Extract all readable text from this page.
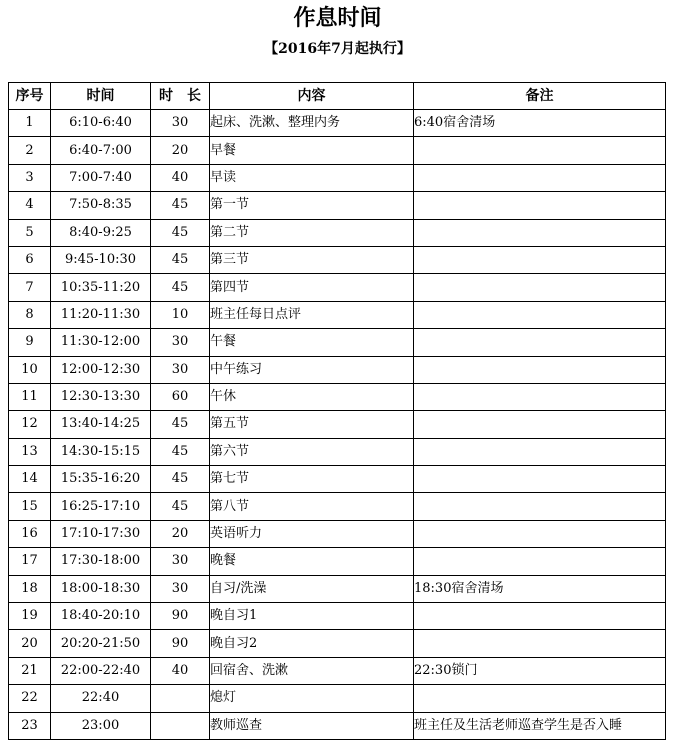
作息时间
【2016年7月起执行】
序号	时间	时　长	内容	备注
1	6:10-6:40	30	起床、洗漱、整理内务	6:40宿舍清场
2	6:40-7:00	20	早餐	
3	7:00-7:40	40	早读	
4	7:50-8:35	45	第一节	
5	8:40-9:25	45	第二节	
6	9:45-10:30	45	第三节	
7	10:35-11:20	45	第四节	
8	11:20-11:30	10	班主任每日点评	
9	11:30-12:00	30	午餐	
10	12:00-12:30	30	中午练习	
11	12:30-13:30	60	午休	
12	13:40-14:25	45	第五节	
13	14:30-15:15	45	第六节	
14	15:35-16:20	45	第七节	
15	16:25-17:10	45	第八节	
16	17:10-17:30	20	英语听力	
17	17:30-18:00	30	晚餐	
18	18:00-18:30	30	自习/洗澡	18:30宿舍清场
19	18:40-20:10	90	晚自习1	
20	20:20-21:50	90	晚自习2	
21	22:00-22:40	40	回宿舍、洗漱	22:30锁门
22	22:40		熄灯	
23	23:00		教师巡查	班主任及生活老师巡查学生是否入睡
